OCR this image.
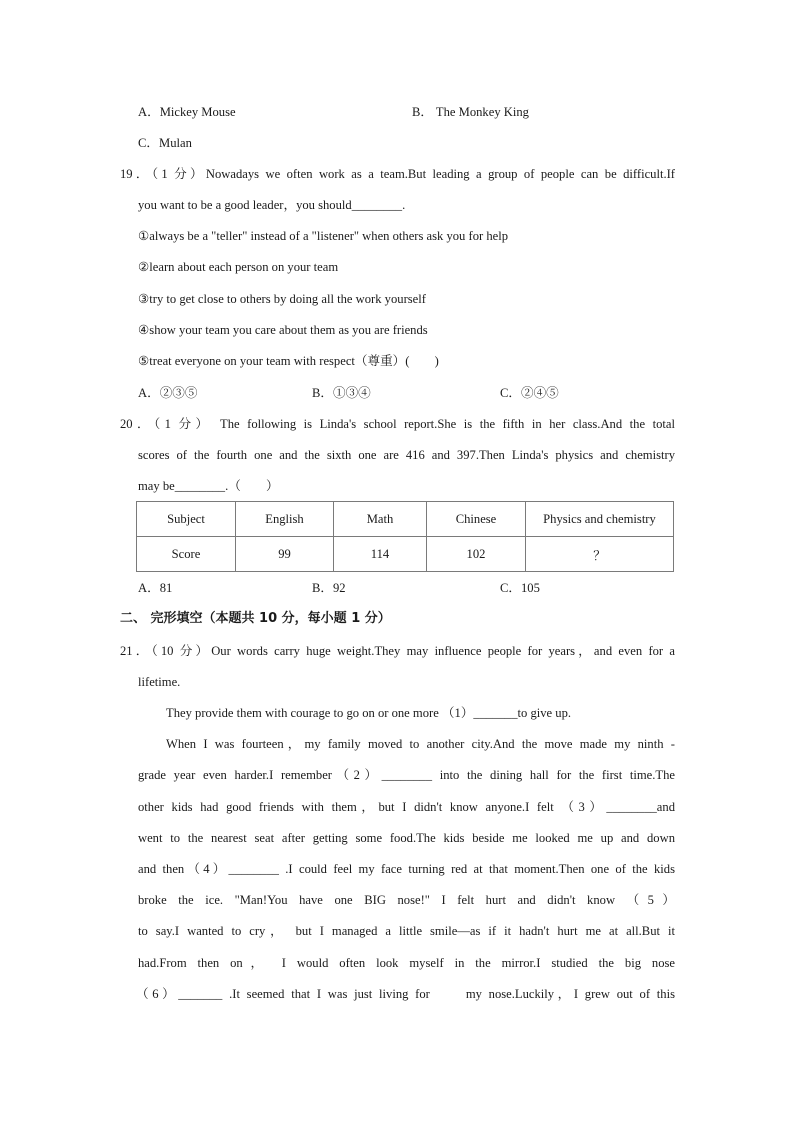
A．Mickey Mouse	B． The Monkey King
C．Mulan
19．（1 分）Nowadays we often work as a team.But leading a group of people can be difficult.If
you want to be a good leader，you should________.
①always be a "teller" instead of a "listener" when others ask you for help
②learn about each person on your team
③try to get close to others by doing all the work yourself
④show your team you care about them as you are friends
⑤treat everyone on your team with respect（尊重）(　　)
A．②③⑤	B．①③④	C．②④⑤
20．（1 分） The following is Linda's school report.She is the fifth in her class.And the total
scores of the fourth one and the sixth one are 416 and 397.Then Linda's physics and chemistry
may be________.（　　）
Subject	English	Math	Chinese	Physics and chemistry
Score	99	114	102	？
A．81	B．92	C．105
二、 完形填空（本题共 10 分，每小题 1 分）
21．（10 分）Our words carry huge weight.They may influence people for years，and even for a
lifetime.
They provide them with courage to go on or one more （1）_______to give up.
When I was fourteen，my family moved to another city.And the move made my ninth -
grade year even harder.I remember（2）________ into the dining hall for the first time.The
other kids had good friends with them，but I didn't know anyone.I felt （3）________and
went to the nearest seat after getting some food.The kids beside me looked me up and down
and then（4）________ .I could feel my face turning red at that moment.Then one of the kids
broke the ice. "Man!You have one BIG nose!" I felt hurt and didn't know （5）
to say.I wanted to cry， but I managed a little smile—as if it hadn't hurt me at all.But it
had.From then on， I would often look myself in the mirror.I studied the big nose
（6）_______ .It seemed that I was just living for　　my nose.Luckily，I grew out of this
